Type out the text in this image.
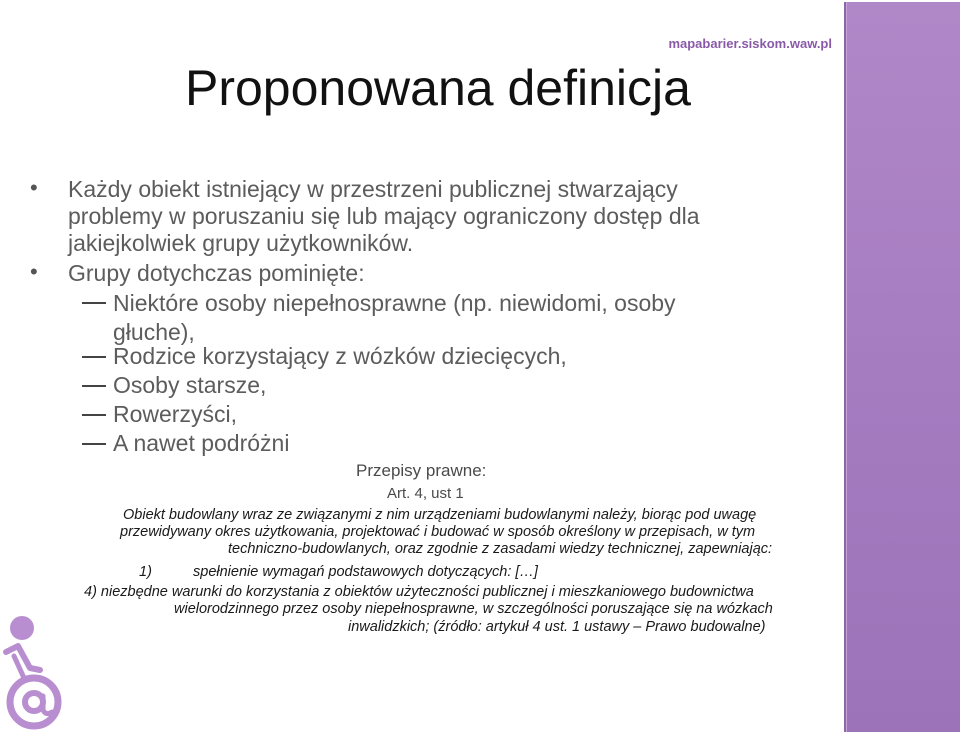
mapabarier.siskom.waw.pl
Proponowana definicja
• Każdy obiekt istniejący w przestrzeni publicznej stwarzający
problemy w poruszaniu się lub mający ograniczony dostęp dla
jakiejkolwiek grupy użytkowników.
• Grupy dotychczas pominięte:
Niektóre osoby niepełnosprawne (np. niewidomi, osoby
głuche),
Rodzice korzystający z wózków dziecięcych,
Osoby starsze,
Rowerzyści,
A nawet podróżni
Przepisy prawne:
Art. 4, ust 1
Obiekt budowlany wraz ze związanymi z nim urządzeniami budowlanymi należy, biorąc pod uwagę
przewidywany okres użytkowania, projektować i budować w sposób określony w przepisach, w tym
techniczno-budowlanych, oraz zgodnie z zasadami wiedzy technicznej, zapewniając:
1)	spełnienie wymagań podstawowych dotyczących: […]
4) niezbędne warunki do korzystania z obiektów użyteczności publicznej i mieszkaniowego budownictwa
wielorodzinnego przez osoby niepełnosprawne, w szczególności poruszające się na wózkach
inwalidzkich; (źródło: artykuł 4 ust. 1 ustawy – Prawo budowalne)
